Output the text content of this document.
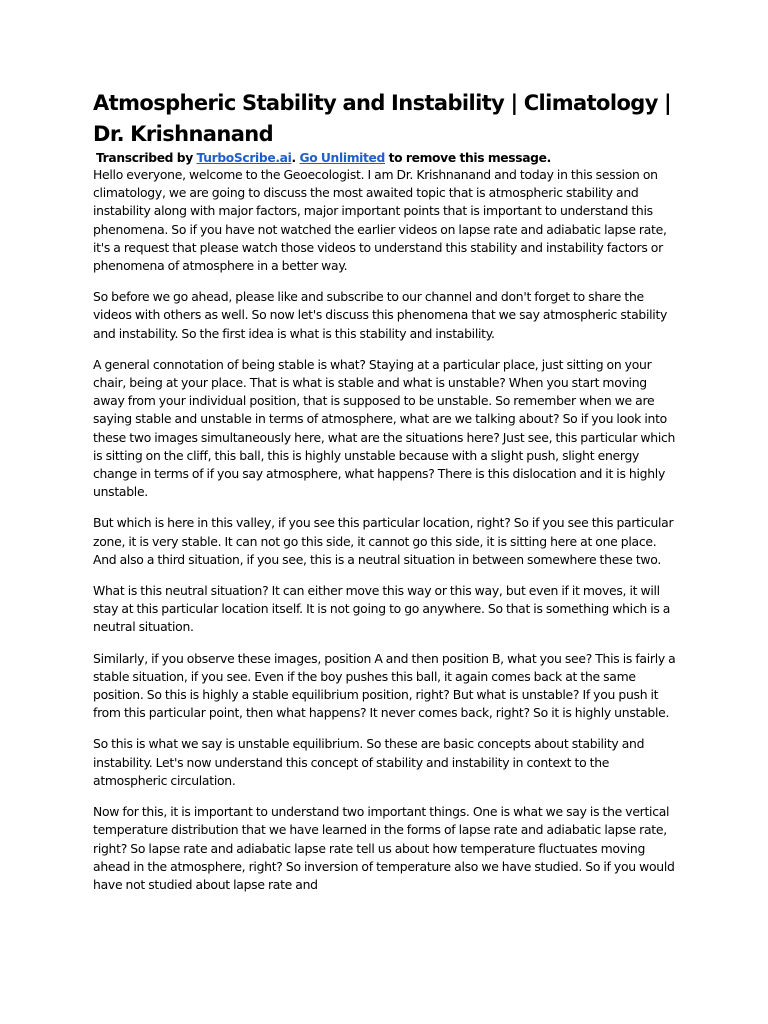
Atmospheric Stability and Instability | Climatology | Dr. Krishnanand

Transcribed by TurboScribe.ai. Go Unlimited to remove this message.

Hello everyone, welcome to the Geoecologist. I am Dr. Krishnanand and today in this session on climatology, we are going to discuss the most awaited topic that is atmospheric stability and instability along with major factors, major important points that is important to understand this phenomena. So if you have not watched the earlier videos on lapse rate and adiabatic lapse rate, it's a request that please watch those videos to understand this stability and instability factors or phenomena of atmosphere in a better way.

So before we go ahead, please like and subscribe to our channel and don't forget to share the videos with others as well. So now let's discuss this phenomena that we say atmospheric stability and instability. So the first idea is what is this stability and instability.

A general connotation of being stable is what? Staying at a particular place, just sitting on your chair, being at your place. That is what is stable and what is unstable? When you start moving away from your individual position, that is supposed to be unstable. So remember when we are saying stable and unstable in terms of atmosphere, what are we talking about? So if you look into these two images simultaneously here, what are the situations here? Just see, this particular which is sitting on the cliff, this ball, this is highly unstable because with a slight push, slight energy change in terms of if you say atmosphere, what happens? There is this dislocation and it is highly unstable.

But which is here in this valley, if you see this particular location, right? So if you see this particular zone, it is very stable. It can not go this side, it cannot go this side, it is sitting here at one place. And also a third situation, if you see, this is a neutral situation in between somewhere these two.

What is this neutral situation? It can either move this way or this way, but even if it moves, it will stay at this particular location itself. It is not going to go anywhere. So that is something which is a neutral situation.

Similarly, if you observe these images, position A and then position B, what you see? This is fairly a stable situation, if you see. Even if the boy pushes this ball, it again comes back at the same position. So this is highly a stable equilibrium position, right? But what is unstable? If you push it from this particular point, then what happens? It never comes back, right? So it is highly unstable.

So this is what we say is unstable equilibrium. So these are basic concepts about stability and instability. Let's now understand this concept of stability and instability in context to the atmospheric circulation.

Now for this, it is important to understand two important things. One is what we say is the vertical temperature distribution that we have learned in the forms of lapse rate and adiabatic lapse rate, right? So lapse rate and adiabatic lapse rate tell us about how temperature fluctuates moving ahead in the atmosphere, right? So inversion of temperature also we have studied. So if you would have not studied about lapse rate and
